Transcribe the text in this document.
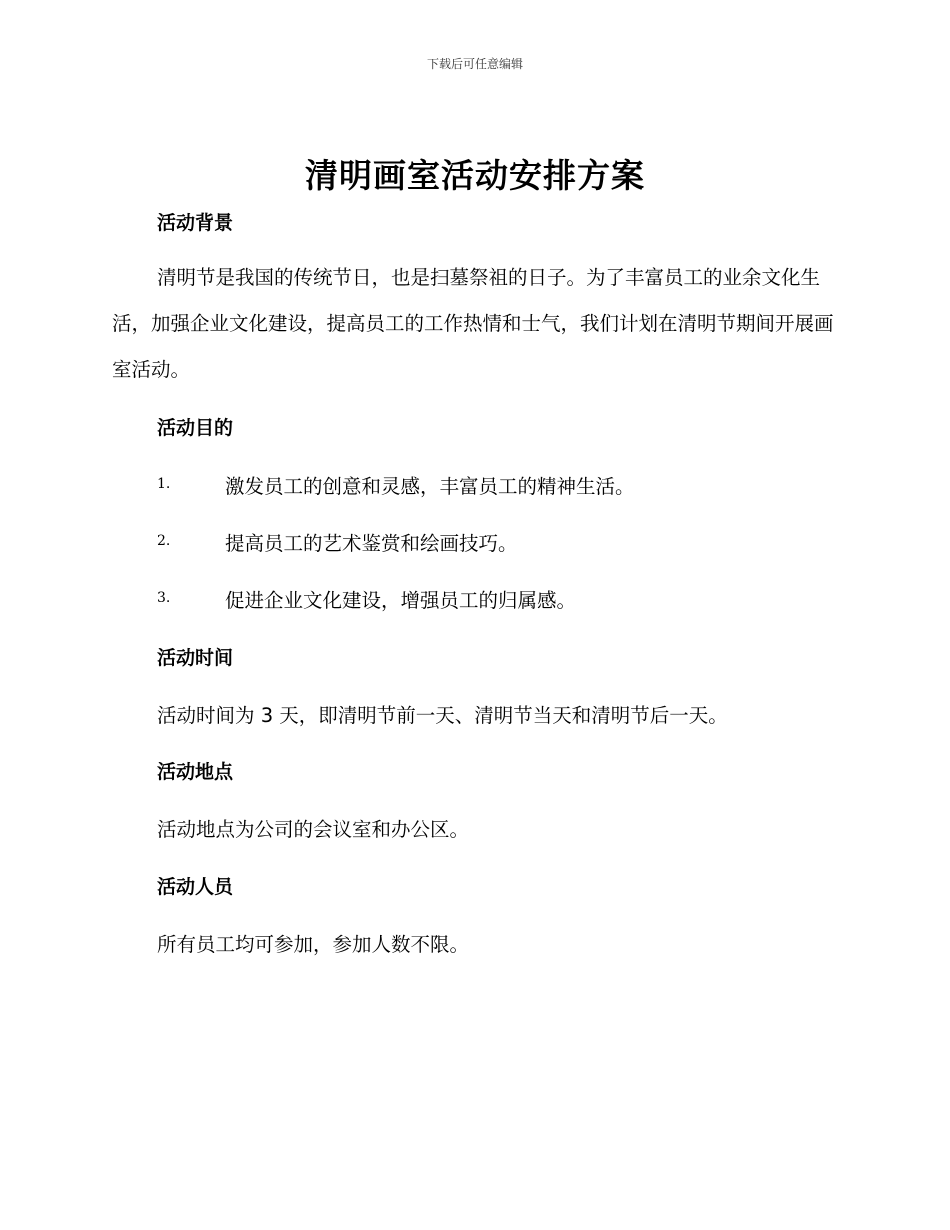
下载后可任意编辑
清明画室活动安排方案
活动背景
清明节是我国的传统节日，也是扫墓祭祖的日子。为了丰富员工的业余文化生活，加强企业文化建设，提高员工的工作热情和士气，我们计划在清明节期间开展画室活动。
活动目的
1.	激发员工的创意和灵感，丰富员工的精神生活。
2.	提高员工的艺术鉴赏和绘画技巧。
3.	促进企业文化建设，增强员工的归属感。
活动时间
活动时间为 3 天，即清明节前一天、清明节当天和清明节后一天。
活动地点
活动地点为公司的会议室和办公区。
活动人员
所有员工均可参加，参加人数不限。
